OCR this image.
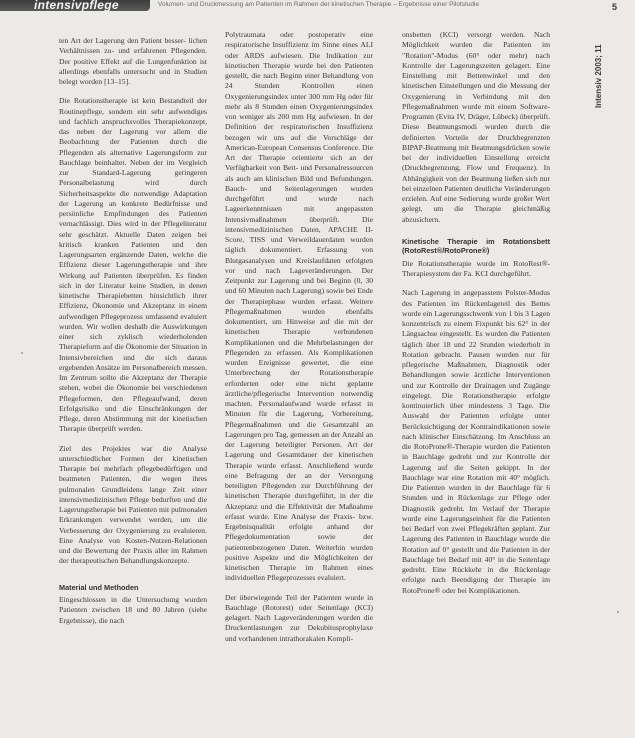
intensivpflege	Volumen- und Druckmessung am Patienten im Rahmen der kinetischen Therapie – Ergebnisse einer Pilotstudie	5
Intensiv 2003; 11

ten Art der Lagerung den Patient besser- lichen Verhältnissen zu- und erfahrenen Pflegenden. Der positive Effekt auf die Lungenfunktion ist allerdings ebenfalls untersucht und in Studien belegt worden [13–15].

Die Rotationstherapie ist kein Bestandteil der Routinepflege, sondern ein sehr aufwendiges und fachlich anspruchsvolles Therapiekonzept, das neben der Lagerung vor allem die Beobachtung der Patienten durch die Pflegenden als alternative Lagerungsform zur Bauchlage beinhaltet. Neben der im Vergleich zur Standard-Lagerung geringeren Personalbelastung wird durch Sicherheitsaspekte die notwendige Adaptation der Lagerung an konkrete Bedürfnisse und persönliche Empfindungen des Patienten vernachlässigt. Dies wird in der Pflegeliteratur sehr geschätzt. Aktuelle Daten zeigen bei kritisch kranken Patienten und den Lagerungsarten ergänzende Daten, welche die Effizienz dieser Lagerungstherapie und ihre Wirkung auf Patienten überprüfen. Es finden sich in der Literatur keine Studien, in denen kinetische Therapiebetten hinsichtlich ihrer Effizienz, Ökonomie und Akzeptanz in einem aufwendigen Pflegeprozess umfassend evaluiert wurden. Wir wollen deshalb die Auswirkungen einer sich zyklisch wiederholenden Therapieform auf die Ökonomie der Situation in Intensivbereichen und die sich daraus ergebenden Ansätze im Personalbereich messen. Im Zentrum sollte die Akzeptanz der Therapie stehen, wobei die Ökonomie bei verschiedenen Pflegeformen, den Pflegeaufwand, deren Erfolgsrisiko und die Einschränkungen der Pflege, deren Abstimmung mit der kinetischen Therapie überprüft werden.

Ziel des Projektes war die Analyse unterschiedlicher Formen der kinetischen Therapie bei mehrfach pflegebedürftigen und beatmeten Patienten, die wegen ihres pulmonalen Grundleidens lange Zeit einer intensivmedizinischen Pflege bedurften und die Lagerungstherapie bei Patienten mit pulmonalen Erkrankungen verwendet werden, um die Verbesserung der Oxygenierung zu evaluieren. Eine Analyse von Kosten-Nutzen-Relationen und die Bewertung der Praxis aller im Rahmen der therapeutischen Behandlungskonzepte.

Material und Methoden

Eingeschlossen in die Untersuchung wurden Patienten zwischen 18 und 80 Jahren (siehe Ergebnisse), die nach

Polytraumata oder postoperativ eine respiratorische Insuffizienz im Sinne eines ALI oder ARDS aufwiesen. Die Indikation zur kinetischen Therapie wurde bei den Patienten gestellt, die nach Beginn einer Behandlung von 24 Stunden Kontrollen einen Oxygenierungsindex unter 300 mm Hg oder für mehr als 8 Stunden einen Oxygenierungsindex von weniger als 200 mm Hg aufwiesen. In der Definition der respiratorischen Insuffizienz bezogen wir uns auf die Vorschläge der American-European Consensus Conference. Die Art der Therapie orientierte sich an der Verfügbarkeit von Bett- und Personalressourcen als auch am klinischen Bild und Befundungen. Bauch- und Seitenlagerungen wurden durchgeführt und wurde nach Lageerkenntnissen mit angepassten Intensivmaßnahmen überprüft. Die intensivmedizinischen Daten, APACHE II-Score, TISS und Verweildauerdaten wurden täglich dokumentiert. Erfassung von Blutgasanalysen und Kreislaufdaten erfolgten vor und nach Lageveränderungen. Der Zeitpunkt zur Lagerung und bei Beginn (0, 30 und 60 Minuten nach Lagerung) sowie bei Ende der Therapiephase wurden erfasst. Weitere Pflegemaßnahmen wurden ebenfalls dokumentiert, um Hinweise auf die mit der kinetischen Therapie verbundenen Komplikationen und die Mehrbelastungen der Pflegenden zu erfassen. Als Komplikationen wurden Ereignisse gewertet, die eine Unterbrechung der Rotationstherapie erforderten oder eine nicht geplante ärztliche/pflegerische Intervention notwendig machten. Personalaufwand wurde erfasst in Minuten für die Lagerung, Vorbereitung, Pflegemaßnahmen und die Gesamtzahl an Lagerungen pro Tag, gemessen an der Anzahl an der Lagerung beteiligter Personen. Art der Lagerung und Gesamtdauer der kinetischen Therapie wurde erfasst. Anschließend wurde eine Befragung der an der Versorgung beteiligten Pflegenden zur Durchführung der kinetischen Therapie durchgeführt, in der die Akzeptanz und die Effektivität der Maßnahme erfasst wurde. Eine Analyse der Praxis- bzw. Ergebnisqualität erfolgte anhand der Pflegedokumentation sowie der patientenbezogenen Daten. Weiterhin wurden positive Aspekte und die Möglichkeiten der kinetischen Therapie im Rahmen eines individuellen Pflegeprozesses evaluiert.

Der überwiegende Teil der Patienten wurde in Bauchlage (Rotorest) oder Seitenlage (KCI) gelagert. Nach Lageveränderungen wurden die Druckentlastungen zur Dekubitusprophylaxe und vorhandenen intrathorakalen Kompli-

onsbetten (KCI) versorgt werden. Nach Möglichkeit wurden die Patienten im "Rotation"-Modus (60° oder mehr) nach Kontrolle der Lagerungszeiten gelagert. Eine Einstellung mit Bettenwinkel und den kinetischen Einstellungen und die Messung der Oxygenierung in Verbindung mit den Pflegemaßnahmen wurde mit einem Software-Programm (Evita IV, Dräger, Lübeck) überprüft. Diese Beatmungsmodi wurden durch die definierten Vorteile der Druckbegrenzten BIPAP-Beatmung mit Beatmungsdrücken sowie bei der individuellen Einstellung erreicht (Druckbegrenzung, Flow und Frequenz). In Abhängigkeit von der Beatmung ließen sich nur bei einzelnen Patienten deutliche Veränderungen erzielen. Auf eine Sedierung wurde großer Wert gelegt, um die Therapie gleichmäßig abzusichern.

Kinetische Therapie im Rotationsbett (RotoRest®/RotoProne®)

Die Rotationstherapie wurde im RotoRest®-Therapiesystem der Fa. KCI durchgeführt.

Nach Lagerung in angepasstem Polster-Modus des Patienten im Rückenlageteil des Bettes wurde ein Lagerungsschwenk von 1 bis 3 Lagen konzentrisch zu einem Fixpunkt bis 62° in der Längsachse eingestellt. Es wurden die Patienten täglich über 18 und 22 Stunden wiederholt in Rotation gebracht. Pausen wurden nur für pflegerische Maßnahmen, Diagnostik oder Behandlungen sowie ärztliche Interventionen und zur Kontrolle der Drainagen und Zugänge eingelegt. Die Rotationstherapie erfolgte kontinuierlich über mindestens 3 Tage. Die Auswahl der Patienten erfolgte unter Berücksichtigung der Kontraindikationen sowie nach klinischer Einschätzung. Im Anschluss an die RotoProne®-Therapie wurden die Patienten in Bauchlage gedreht und zur Kontrolle der Lagerung auf die Seiten gekippt. In der Bauchlage war eine Rotation mit 40° möglich. Die Patienten wurden in der Bauchlage für 6 Stunden und in Rückenlage zur Pflege oder Diagnostik gedreht. Im Verlauf der Therapie wurde eine Lagerungseinheit für die Patienten bei Bedarf von zwei Pflegekräften geplant. Zur Lagerung des Patienten in Bauchlage wurde die Rotation auf 0° gestellt und die Patienten in der Bauchlage bei Bedarf mit 40° in die Seitenlage gedreht. Eine Rückkehr in die Rückenlage erfolgte nach Beendigung der Therapie im RotoProne® oder bei Komplikationen.
